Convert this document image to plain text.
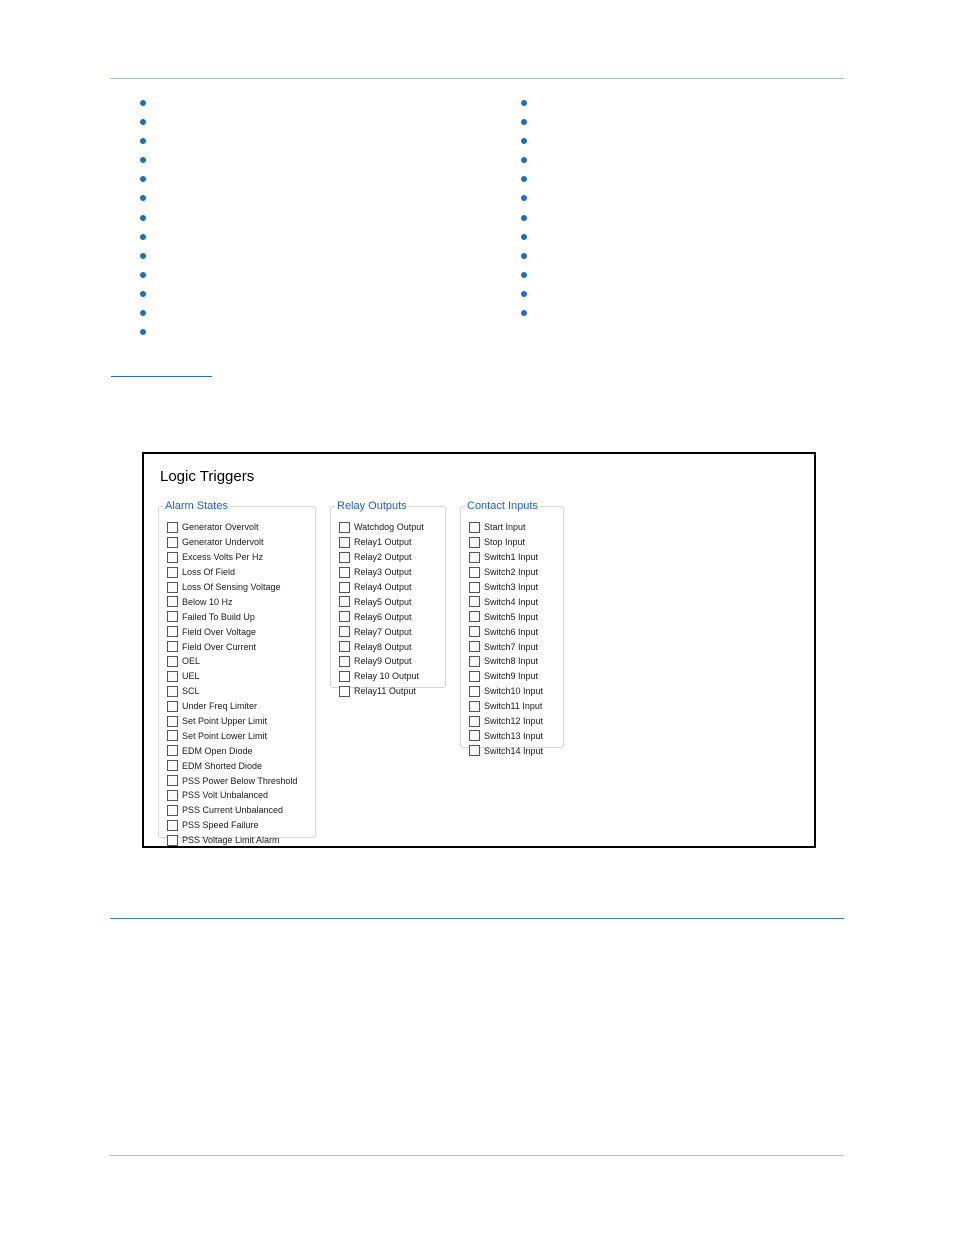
Logic Triggers
Alarm States
Generator Overvolt
Generator Undervolt
Excess Volts Per Hz
Loss Of Field
Loss Of Sensing Voltage
Below 10 Hz
Failed To Build Up
Field Over Voltage
Field Over Current
OEL
UEL
SCL
Under Freq Limiter
Set Point Upper Limit
Set Point Lower Limit
EDM Open Diode
EDM Shorted Diode
PSS Power Below Threshold
PSS Volt Unbalanced
PSS Current Unbalanced
PSS Speed Failure
PSS Voltage Limit Alarm
Relay Outputs
Watchdog Output
Relay1 Output
Relay2 Output
Relay3 Output
Relay4 Output
Relay5 Output
Relay6 Output
Relay7 Output
Relay8 Output
Relay9 Output
Relay 10 Output
Relay11 Output
Contact Inputs
Start Input
Stop Input
Switch1 Input
Switch2 Input
Switch3 Input
Switch4 Input
Switch5 Input
Switch6 Input
Switch7 Input
Switch8 Input
Switch9 Input
Switch10 Input
Switch11 Input
Switch12 Input
Switch13 Input
Switch14 Input
